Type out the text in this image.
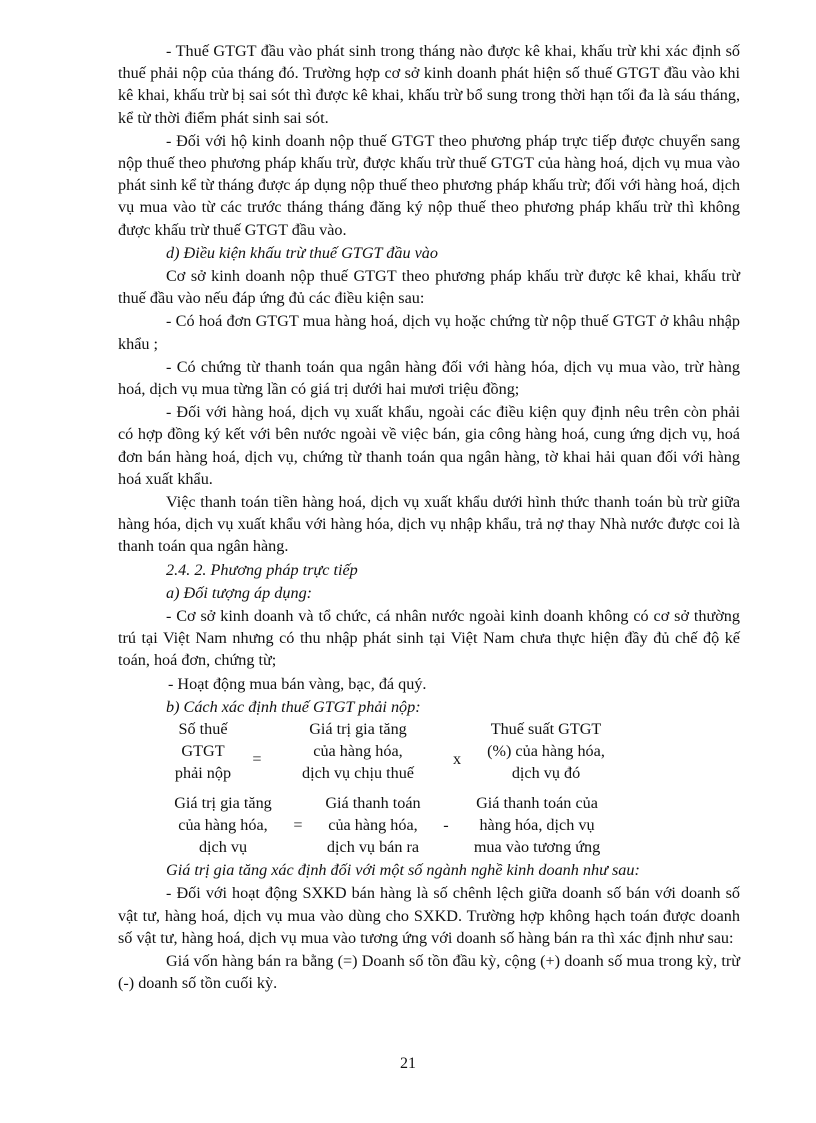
- Thuế GTGT đầu vào phát sinh trong tháng nào được kê khai, khấu trừ khi xác định số thuế phải nộp của tháng đó. Trường hợp cơ sở kinh doanh phát hiện số thuế GTGT đầu vào khi kê khai, khấu trừ bị sai sót thì được kê khai, khấu trừ bổ sung trong thời hạn tối đa là sáu tháng, kể từ thời điểm phát sinh sai sót.

- Đối với hộ kinh doanh nộp thuế GTGT theo phương pháp trực tiếp được chuyển sang nộp thuế theo phương pháp khấu trừ, được khấu trừ thuế GTGT của hàng hoá, dịch vụ mua vào phát sinh kể từ tháng được áp dụng nộp thuế theo phương pháp khấu trừ; đối với hàng hoá, dịch vụ mua vào từ các trước tháng tháng đăng ký nộp thuế theo phương pháp khấu trừ thì không được khấu trừ thuế GTGT đầu vào.

d) Điều kiện khấu trừ thuế GTGT đầu vào

Cơ sở kinh doanh nộp thuế GTGT theo phương pháp khấu trừ được kê khai, khấu trừ thuế đầu vào nếu đáp ứng đủ các điều kiện sau:

- Có hoá đơn GTGT mua hàng hoá, dịch vụ hoặc chứng từ nộp thuế GTGT ở khâu nhập khẩu ;

- Có chứng từ thanh toán qua ngân hàng đối với hàng hóa, dịch vụ mua vào, trừ hàng hoá, dịch vụ mua từng lần có giá trị dưới hai mươi triệu đồng;

- Đối với hàng hoá, dịch vụ xuất khẩu, ngoài các điều kiện quy định nêu trên còn phải có hợp đồng ký kết với bên nước ngoài về việc bán, gia công hàng hoá, cung ứng dịch vụ, hoá đơn bán hàng hoá, dịch vụ, chứng từ thanh toán qua ngân hàng, tờ khai hải quan đối với hàng hoá xuất khẩu.

Việc thanh toán tiền hàng hoá, dịch vụ xuất khẩu dưới hình thức thanh toán bù trừ giữa hàng hóa, dịch vụ xuất khẩu với hàng hóa, dịch vụ nhập khẩu, trả nợ thay Nhà nước được coi là thanh toán qua ngân hàng.

2.4. 2. Phương pháp trực tiếp

a) Đối tượng áp dụng:

- Cơ sở kinh doanh và tổ chức, cá nhân nước ngoài kinh doanh không có cơ sở thường trú tại Việt Nam nhưng có thu nhập phát sinh tại Việt Nam chưa thực hiện đầy đủ chế độ kế toán, hoá đơn, chứng từ;

- Hoạt động mua bán vàng, bạc, đá quý.

b) Cách xác định thuế GTGT phải nộp:

Số thuế
GTGT
phải nộp
=
Giá trị gia tăng
của hàng hóa,
dịch vụ chịu thuế
x
Thuế suất GTGT
(%) của hàng hóa,
dịch vụ đó
Giá trị gia tăng
của hàng hóa,
dịch vụ
=
Giá thanh toán
của hàng hóa,
dịch vụ bán ra
-
Giá thanh toán của
hàng hóa, dịch vụ
mua vào tương ứng

Giá trị gia tăng xác định đối với một số ngành nghề kinh doanh như sau:

- Đối với hoạt động SXKD bán hàng là số chênh lệch giữa doanh số bán với doanh số vật tư, hàng hoá, dịch vụ mua vào dùng cho SXKD. Trường hợp không hạch toán được doanh số vật tư, hàng hoá, dịch vụ mua vào tương ứng với doanh số hàng bán ra thì xác định như sau:

Giá vốn hàng bán ra bằng (=) Doanh số tồn đầu kỳ, cộng (+) doanh số mua trong kỳ, trừ (-) doanh số tồn cuối kỳ.

21
